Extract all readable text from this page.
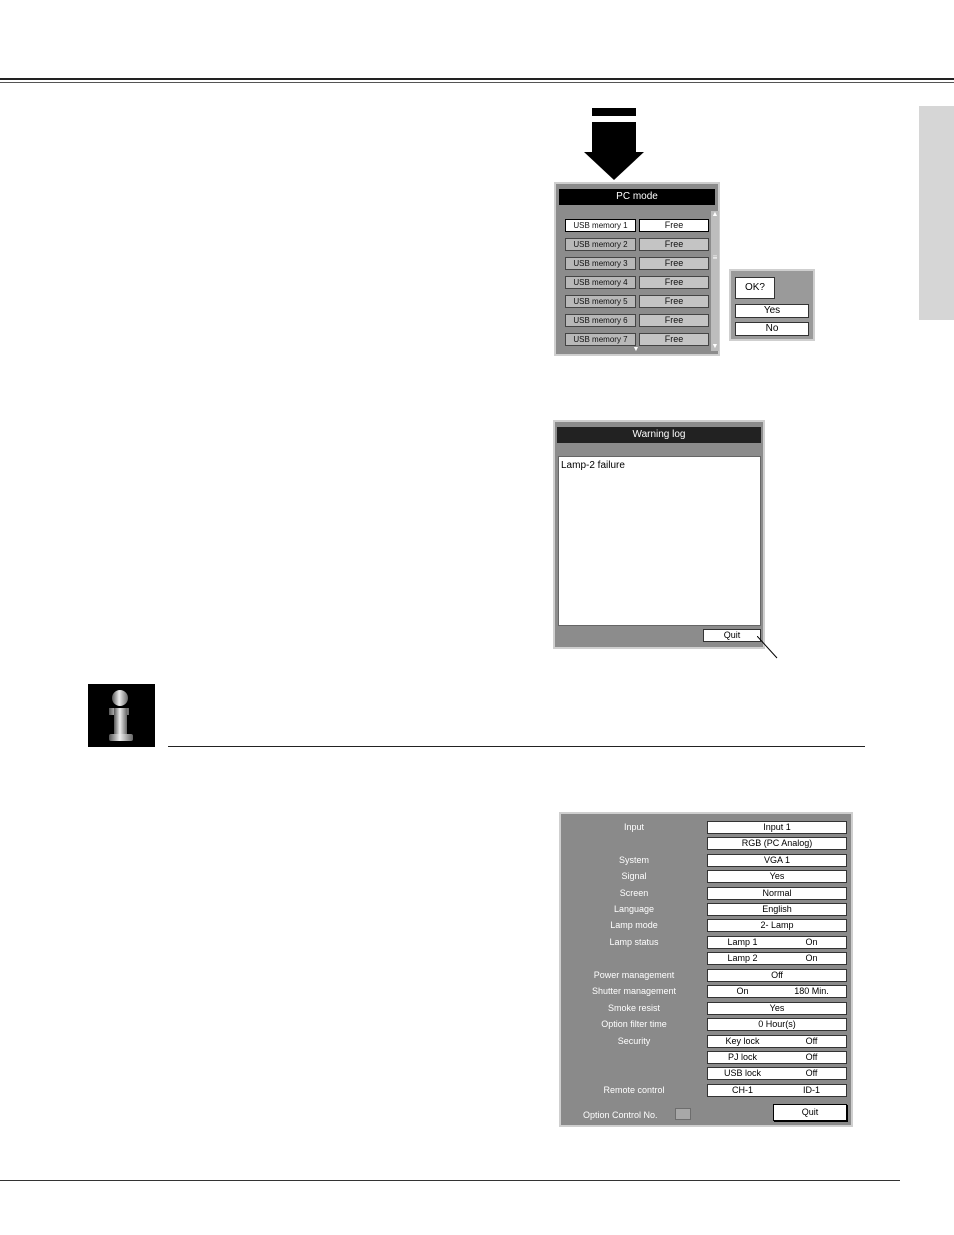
PC mode
USB memory 1	Free
USB memory 2	Free
USB memory 3	Free
USB memory 4	Free
USB memory 5	Free
USB memory 6	Free
USB memory 7	Free
▲
≡
▼
▼
OK?
Yes
No
Warning log
Lamp-2 failure
Quit
Input	Input 1
RGB (PC Analog)
System	VGA 1
Signal	Yes
Screen	Normal
Language	English
Lamp mode	2- Lamp
Lamp status	Lamp 1	On
Lamp 2	On
Power management	Off
Shutter management	On	180 Min.
Smoke resist	Yes
Option filter time	0 Hour(s)
Security	Key lock	Off
PJ lock	Off
USB lock	Off
Remote control	CH-1	ID-1
Option Control No.	Quit
